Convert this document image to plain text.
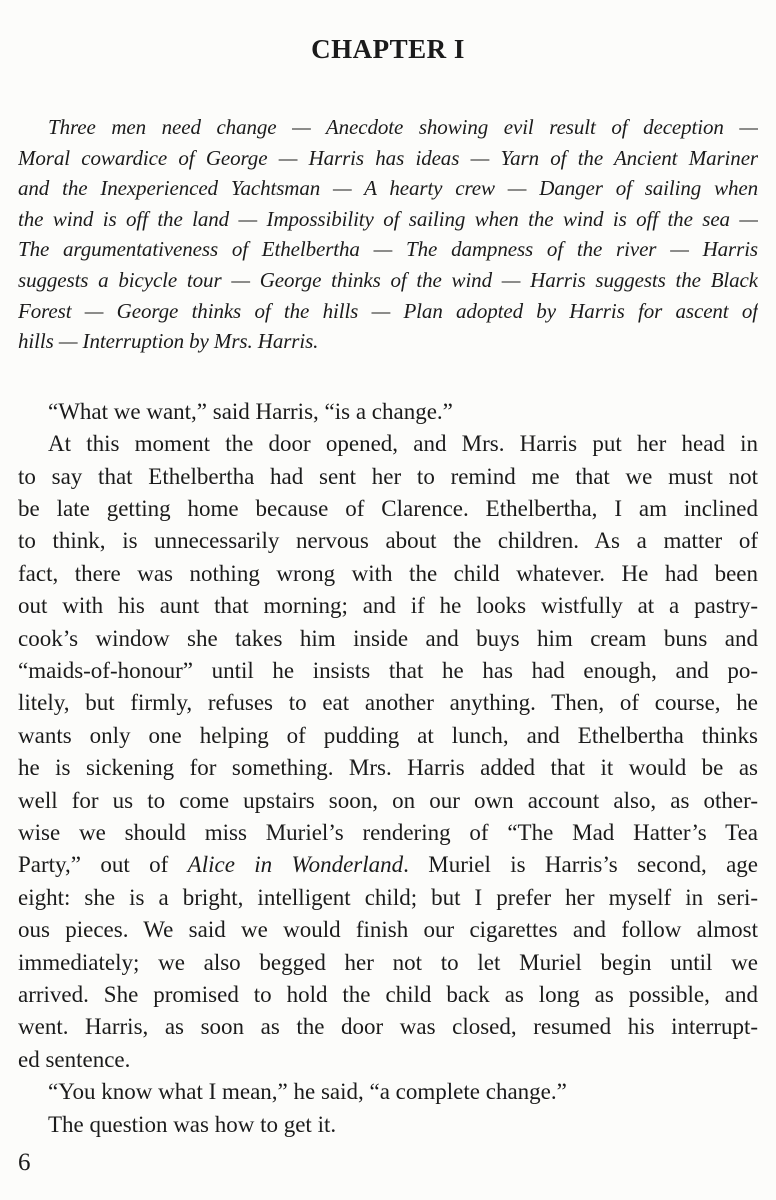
CHAPTER I
Three men need change — Anecdote showing evil result of deception —
Moral cowardice of George — Harris has ideas — Yarn of the Ancient Mariner
and the Inexperienced Yachtsman — A hearty crew — Danger of sailing when
the wind is off the land — Impossibility of sailing when the wind is off the sea —
The argumentativeness of Ethelbertha — The dampness of the river — Harris
suggests a bicycle tour — George thinks of the wind — Harris suggests the Black
Forest — George thinks of the hills — Plan adopted by Harris for ascent of
hills — Interruption by Mrs. Harris.
“What we want,” said Harris, “is a change.”
At this moment the door opened, and Mrs. Harris put her head in
to say that Ethelbertha had sent her to remind me that we must not
be late getting home because of Clarence. Ethelbertha, I am inclined
to think, is unnecessarily nervous about the children. As a matter of
fact, there was nothing wrong with the child whatever. He had been
out with his aunt that morning; and if he looks wistfully at a pastry-
cook’s window she takes him inside and buys him cream buns and
“maids-of-honour” until he insists that he has had enough, and po-
litely, but firmly, refuses to eat another anything. Then, of course, he
wants only one helping of pudding at lunch, and Ethelbertha thinks
he is sickening for something. Mrs. Harris added that it would be as
well for us to come upstairs soon, on our own account also, as other-
wise we should miss Muriel’s rendering of “The Mad Hatter’s Tea
Party,” out of Alice in Wonderland. Muriel is Harris’s second, age
eight: she is a bright, intelligent child; but I prefer her myself in seri-
ous pieces. We said we would finish our cigarettes and follow almost
immediately; we also begged her not to let Muriel begin until we
arrived. She promised to hold the child back as long as possible, and
went. Harris, as soon as the door was closed, resumed his interrupt-
ed sentence.
“You know what I mean,” he said, “a complete change.”
The question was how to get it.
6
